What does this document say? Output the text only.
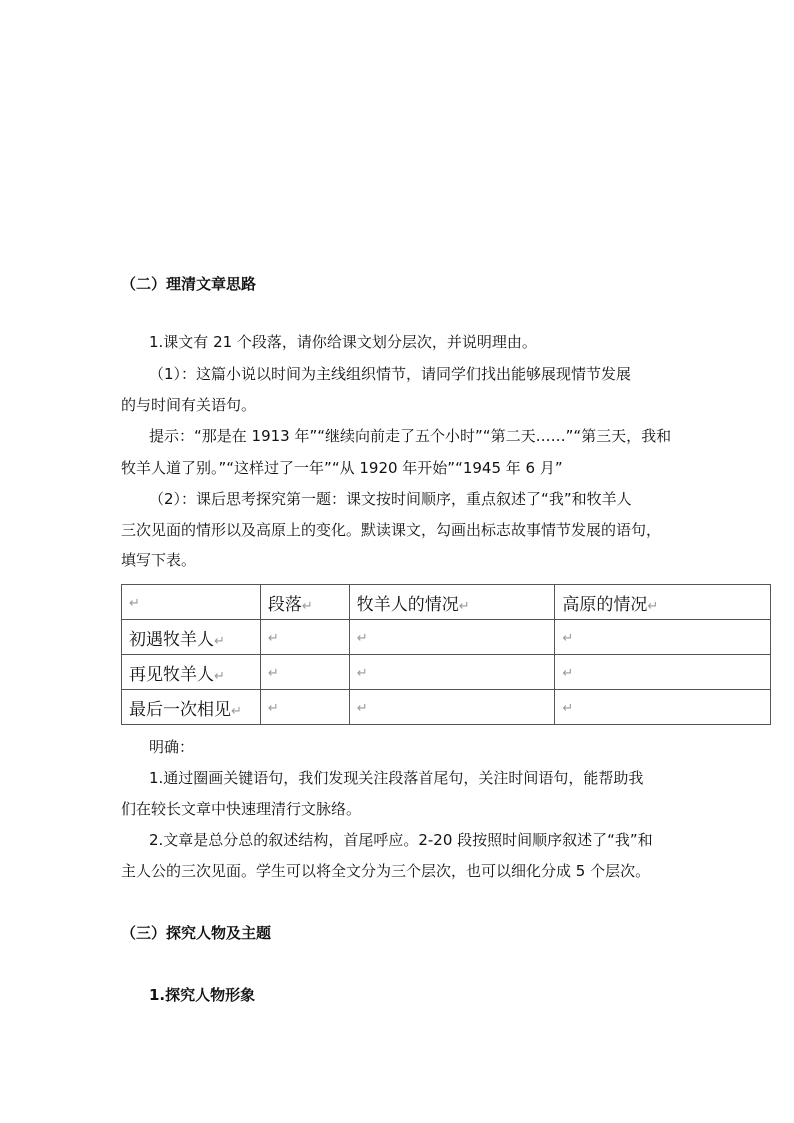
（二）理清文章思路
1.课文有 21 个段落，请你给课文划分层次，并说明理由。
（1）：这篇小说以时间为主线组织情节，请同学们找出能够展现情节发展
的与时间有关语句。
提示：“那是在 1913 年”“继续向前走了五个小时”“第二天……”“第三天，我和
牧羊人道了别。”“这样过了一年”“从 1920 年开始”“1945 年 6 月”
（2）：课后思考探究第一题：课文按时间顺序，重点叙述了“我”和牧羊人
三次见面的情形以及高原上的变化。默读课文，勾画出标志故事情节发展的语句，
填写下表。
↵	段落↵	牧羊人的情况↵	高原的情况↵
初遇牧羊人↵	↵	↵	↵
再见牧羊人↵	↵	↵	↵
最后一次相见↵	↵	↵	↵
明确：
1.通过圈画关键语句，我们发现关注段落首尾句，关注时间语句，能帮助我
们在较长文章中快速理清行文脉络。
2.文章是总分总的叙述结构，首尾呼应。2-20 段按照时间顺序叙述了“我”和
主人公的三次见面。学生可以将全文分为三个层次，也可以细化分成 5 个层次。
（三）探究人物及主题
1.探究人物形象
